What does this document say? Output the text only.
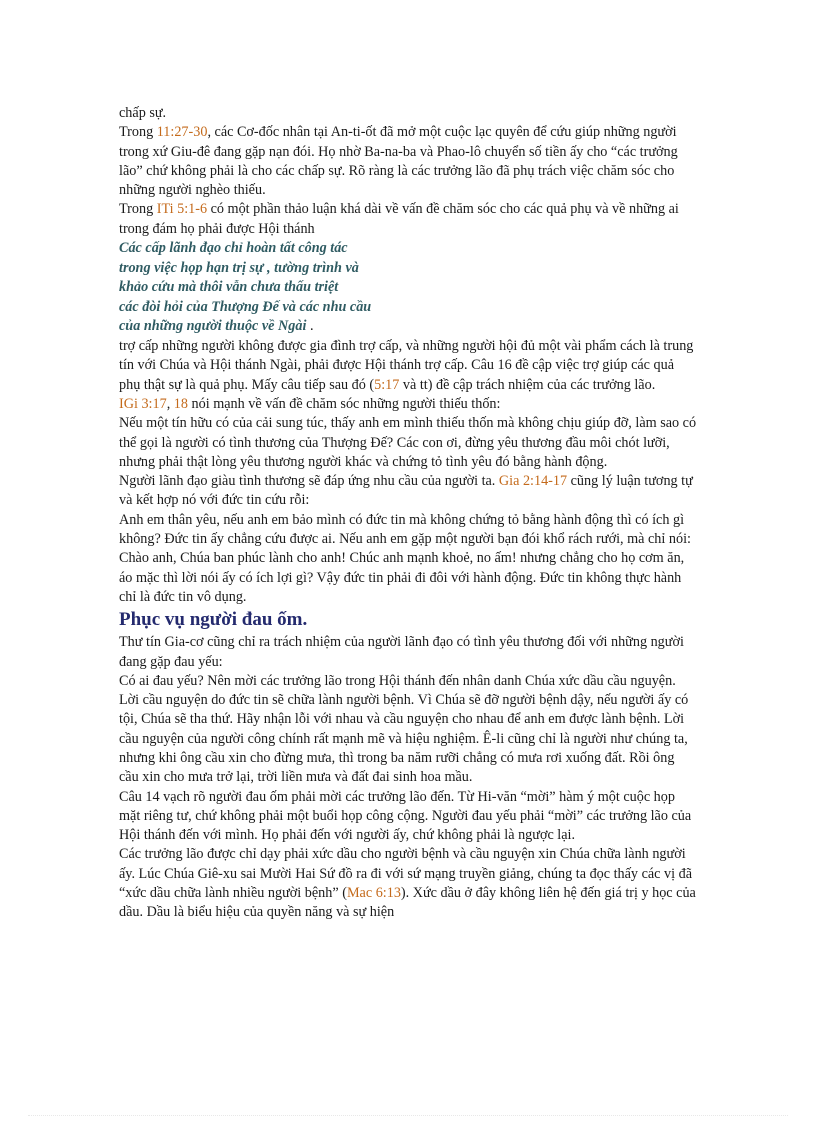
chấp sự.

Trong 11:27-30, các Cơ-đốc nhân tại An-ti-ốt đã mở một cuộc lạc quyên để cứu giúp những người trong xứ Giu-đê đang gặp nạn đói. Họ nhờ Ba-na-ba và Phao-lô chuyển số tiền ấy cho “các trưởng lão” chứ không phải là cho các chấp sự. Rõ ràng là các trưởng lão đã phụ trách việc chăm sóc cho những người nghèo thiếu.

Trong ITi 5:1-6 có một phần thảo luận khá dài về vấn đề chăm sóc cho các quả phụ và về những ai trong đám họ phải được Hội thánh

Các cấp lãnh đạo chỉ hoàn tất công tác
trong việc họp hạn trị sự , tường trình và
khảo cứu mà thôi vẫn chưa thấu triệt
các đòi hỏi của Thượng Đế và các nhu cầu
của những người thuộc về Ngài .

trợ cấp những người không được gia đình trợ cấp, và những người hội đủ một vài phẩm cách là trung tín với Chúa và Hội thánh Ngài, phải được Hội thánh trợ cấp. Câu 16 đề cập việc trợ giúp các quả phụ thật sự là quả phụ. Mấy câu tiếp sau đó (5:17 và tt) đề cập trách nhiệm của các trưởng lão.

IGi 3:17, 18 nói mạnh về vấn đề chăm sóc những người thiếu thốn:

Nếu một tín hữu có của cải sung túc, thấy anh em mình thiếu thốn mà không chịu giúp đỡ, làm sao có thể gọi là người có tình thương của Thượng Đế? Các con ơi, đừng yêu thương đầu môi chót lưỡi, nhưng phải thật lòng yêu thương người khác và chứng tỏ tình yêu đó bằng hành động.

Người lãnh đạo giàu tình thương sẽ đáp ứng nhu cầu của người ta. Gia 2:14-17 cũng lý luận tương tự và kết hợp nó với đức tin cứu rỗi:

Anh em thân yêu, nếu anh em bảo mình có đức tin mà không chứng tỏ bằng hành động thì có ích gì không? Đức tin ấy chẳng cứu được ai. Nếu anh em gặp một người bạn đói khổ rách rưới, mà chỉ nói: Chào anh, Chúa ban phúc lành cho anh! Chúc anh mạnh khoẻ, no ấm! nhưng chẳng cho họ cơm ăn, áo mặc thì lời nói ấy có ích lợi gì? Vậy đức tin phải đi đôi với hành động. Đức tin không thực hành chỉ là đức tin vô dụng.

Phục vụ người đau ốm.

Thư tín Gia-cơ cũng chỉ ra trách nhiệm của người lãnh đạo có tình yêu thương đối với những người đang gặp đau yếu:

Có ai đau yếu? Nên mời các trưởng lão trong Hội thánh đến nhân danh Chúa xức dầu cầu nguyện. Lời cầu nguyện do đức tin sẽ chữa lành người bệnh. Vì Chúa sẽ đỡ người bệnh dậy, nếu người ấy có tội, Chúa sẽ tha thứ. Hãy nhận lỗi với nhau và cầu nguyện cho nhau để anh em được lành bệnh. Lời cầu nguyện của người công chính rất mạnh mẽ và hiệu nghiệm. Ê-li cũng chỉ là người như chúng ta, nhưng khi ông cầu xin cho đừng mưa, thì trong ba năm rưỡi chẳng có mưa rơi xuống đất. Rồi ông cầu xin cho mưa trở lại, trời liền mưa và đất đai sinh hoa mầu.

Câu 14 vạch rõ người đau ốm phải mời các trưởng lão đến. Từ Hi-văn “mời” hàm ý một cuộc họp mặt riêng tư, chứ không phải một buổi họp công cộng. Người đau yếu phải “mời” các trưởng lão của Hội thánh đến với mình. Họ phải đến với người ấy, chứ không phải là ngược lại.

Các trưởng lão được chỉ dạy phải xức dầu cho người bệnh và cầu nguyện xin Chúa chữa lành người ấy. Lúc Chúa Giê-xu sai Mười Hai Sứ đồ ra đi với sứ mạng truyền giảng, chúng ta đọc thấy các vị đã “xức dầu chữa lành nhiều người bệnh” (Mac 6:13). Xức dầu ở đây không liên hệ đến giá trị y học của dầu. Dầu là biểu hiệu của quyền năng và sự hiện
